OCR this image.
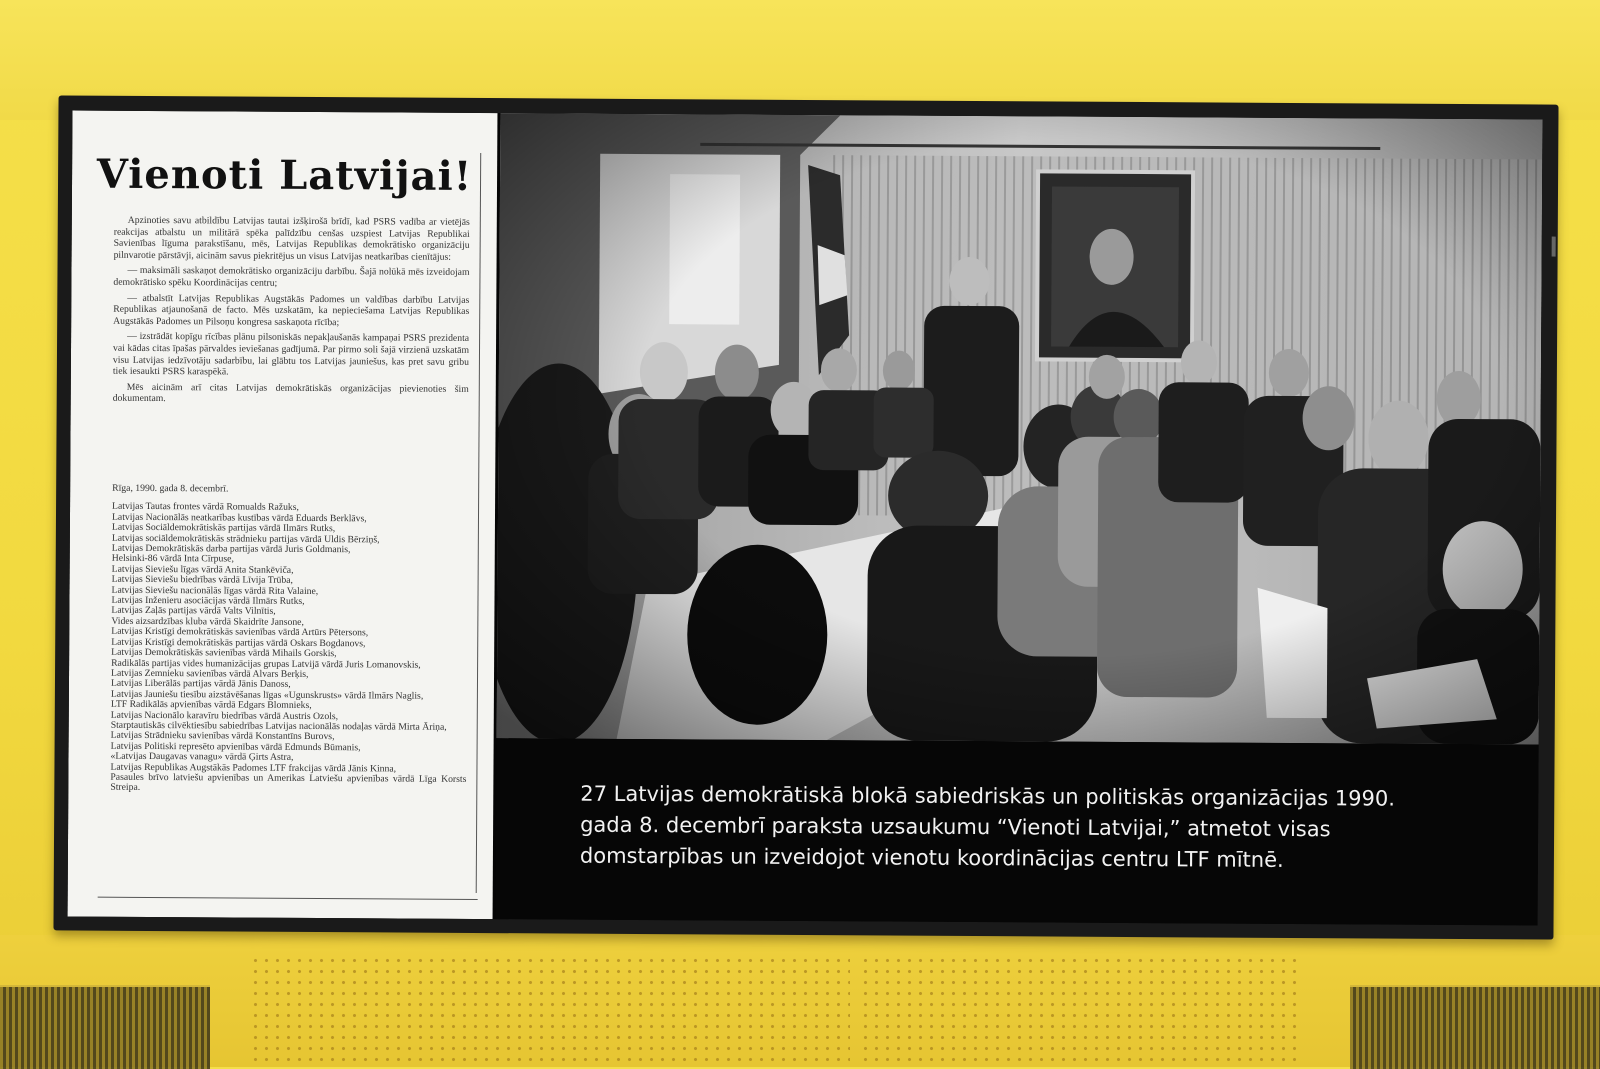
Vienoti Latvijai!

Apzinoties savu atbildību Latvijas tautai izšķirošā brīdī, kad PSRS vadība ar vietējās reakcijas atbalstu un militārā spēka palīdzību cenšas uzspiest Latvijas Republikai Savienības līguma parakstīšanu, mēs, Latvijas Republikas demokrātisko organizāciju pilnvarotie pārstāvji, aicinām savus piekritējus un visus Latvijas neatkarības cienītājus:

— maksimāli saskaņot demokrātisko organizāciju darbību. Šajā nolūkā mēs izveidojam demokrātisko spēku Koordinācijas centru;

— atbalstīt Latvijas Republikas Augstākās Padomes un valdības darbību Latvijas Republikas atjaunošanā de facto. Mēs uzskatām, ka nepieciešama Latvijas Republikas Augstākās Padomes un Pilsoņu kongresa saskaņota rīcība;

— izstrādāt kopīgu rīcības plānu pilsoniskās nepakļaušanās kampaņai PSRS prezidenta vai kādas citas īpašas pārvaldes ieviešanas gadījumā. Par pirmo soli šajā virzienā uzskatām visu Latvijas iedzīvotāju sadarbību, lai glābtu tos Latvijas jauniešus, kas pret savu gribu tiek iesaukti PSRS karaspēkā.

Mēs aicinām arī citas Latvijas demokrātiskās organizācijas pievienoties šim dokumentam.

Rīga, 1990. gada 8. decembrī.
Latvijas Tautas frontes vārdā Romualds Ražuks,
Latvijas Nacionālās neatkarības kustības vārdā Eduards Berklāvs,
Latvijas Sociāldemokrātiskās partijas vārdā Ilmārs Rutks,
Latvijas sociāldemokrātiskās strādnieku partijas vārdā Uldis Bērziņš,
Latvijas Demokrātiskās darba partijas vārdā Juris Goldmanis,
Helsinki-86 vārdā Inta Cīrpuse,
Latvijas Sieviešu līgas vārdā Anita Stankēviča,
Latvijas Sieviešu biedrības vārdā Līvija Trūba,
Latvijas Sieviešu nacionālās līgas vārdā Rita Valaine,
Latvijas Inženieru asociācijas vārdā Ilmārs Rutks,
Latvijas Zaļās partijas vārdā Valts Vilnītis,
Vides aizsardzības kluba vārdā Skaidrīte Jansone,
Latvijas Kristīgi demokrātiskās savienības vārdā Artūrs Pētersons,
Latvijas Kristīgi demokrātiskās partijas vārdā Oskars Bogdanovs,
Latvijas Demokrātiskās savienības vārdā Mihails Gorskis,
Radikālās partijas vides humanizācijas grupas Latvijā vārdā Juris Lomanovskis,
Latvijas Zemnieku savienības vārdā Alvars Berķis,
Latvijas Liberālās partijas vārdā Jānis Danoss,
Latvijas Jauniešu tiesību aizstāvēšanas līgas «Ugunskrusts» vārdā Ilmārs Naglis,
LTF Radikālās apvienības vārdā Edgars Blomnieks,
Latvijas Nacionālo karavīru biedrības vārdā Austris Ozols,
Starptautiskās cilvēktiesību sabiedrības Latvijas nacionālās nodaļas vārdā Mirta Āriņa,
Latvijas Strādnieku savienības vārdā Konstantīns Burovs,
Latvijas Politiski represēto apvienības vārdā Edmunds Būmanis,
«Latvijas Daugavas vanagu» vārdā Ģirts Astra,
Latvijas Republikas Augstākās Padomes LTF frakcijas vārdā Jānis Kinna,
Pasaules brīvo latviešu apvienības un Amerikas Latviešu apvienības vārdā Līga Korsts Streipa.	27 Latvijas demokrātiskā blokā sabiedriskās un politiskās organizācijas 1990.
gada 8. decembrī paraksta uzsaukumu “Vienoti Latvijai,” atmetot visas
domstarpības un izveidojot vienotu koordinācijas centru LTF mītnē.
